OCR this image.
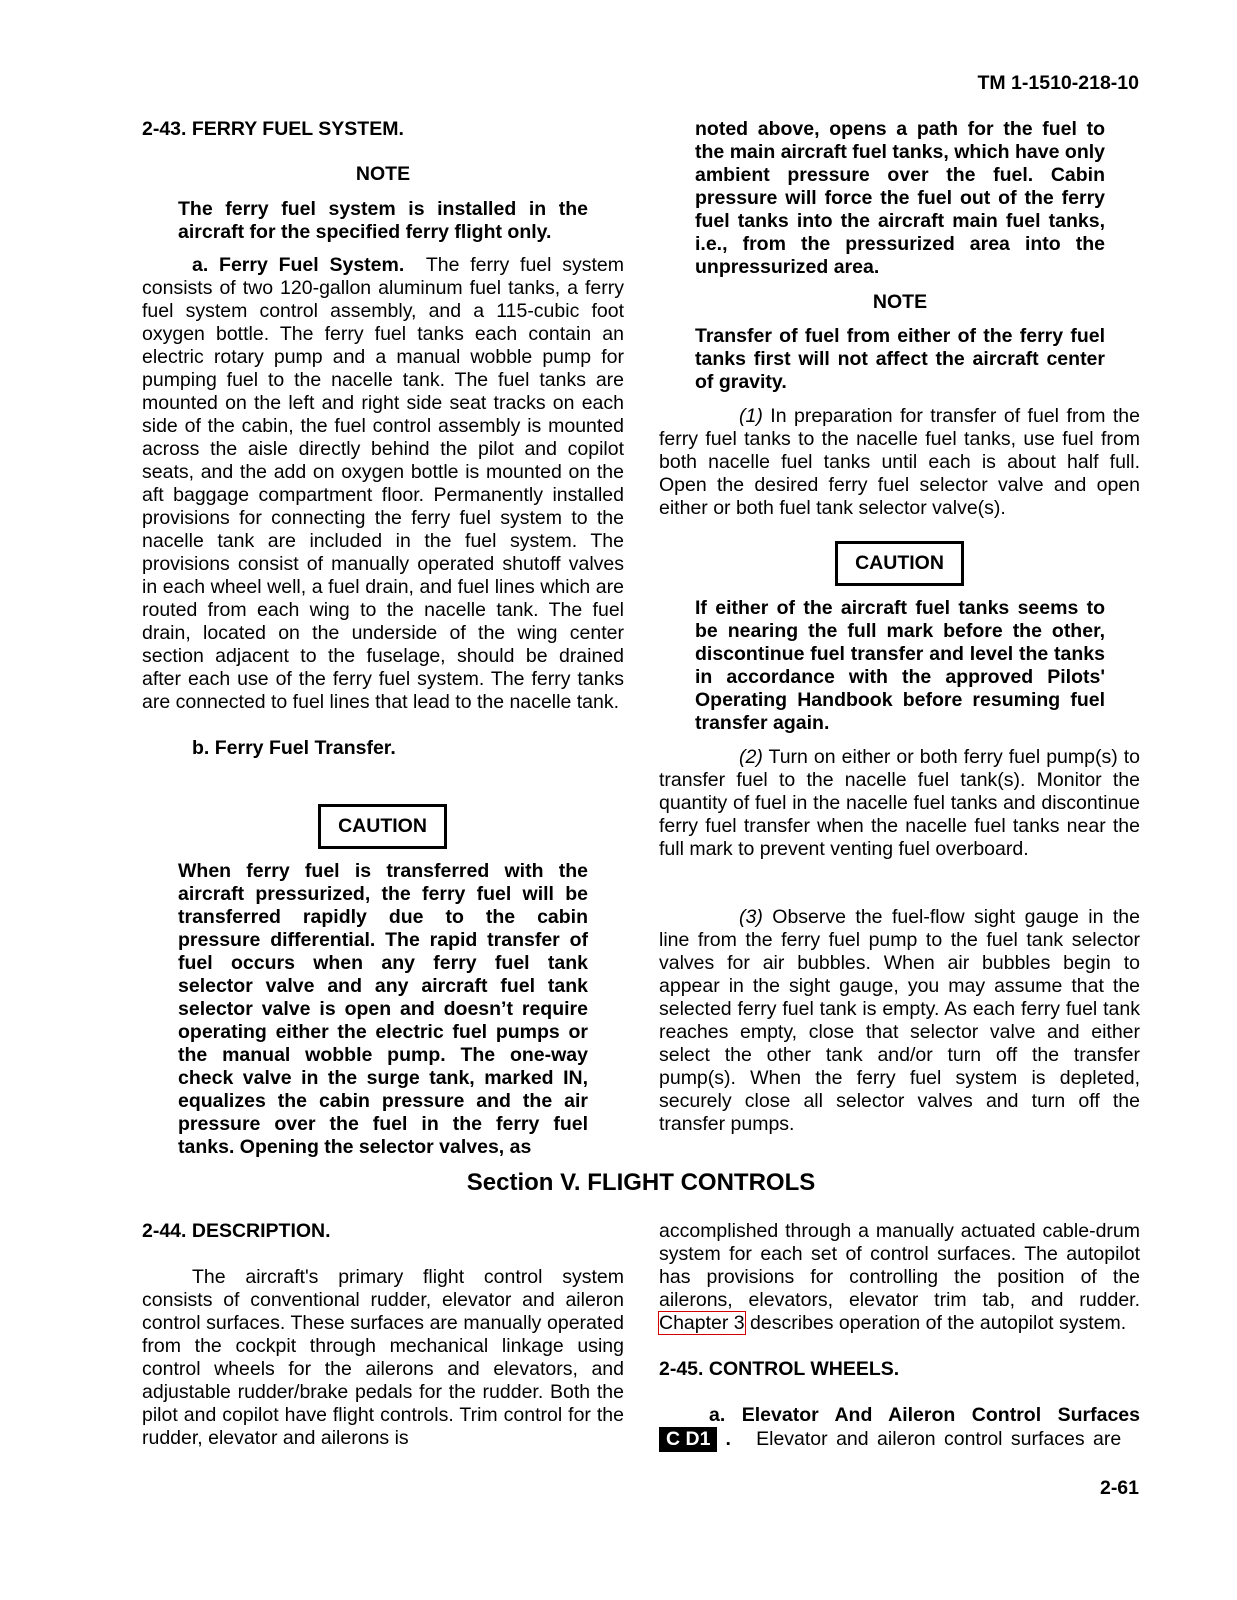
TM 1-1510-218-10

2-43. FERRY FUEL SYSTEM.

NOTE

The ferry fuel system is installed in the aircraft for the specified ferry flight only.

a. Ferry Fuel System. The ferry fuel system consists of two 120-gallon aluminum fuel tanks, a ferry fuel system control assembly, and a 115-cubic foot oxygen bottle. The ferry fuel tanks each contain an electric rotary pump and a manual wobble pump for pumping fuel to the nacelle tank. The fuel tanks are mounted on the left and right side seat tracks on each side of the cabin, the fuel control assembly is mounted across the aisle directly behind the pilot and copilot seats, and the add on oxygen bottle is mounted on the aft baggage compartment floor. Permanently installed provisions for connecting the ferry fuel system to the nacelle tank are included in the fuel system. The provisions consist of manually operated shutoff valves in each wheel well, a fuel drain, and fuel lines which are routed from each wing to the nacelle tank. The fuel drain, located on the underside of the wing center section adjacent to the fuselage, should be drained after each use of the ferry fuel system. The ferry tanks are connected to fuel lines that lead to the nacelle tank.

b. Ferry Fuel Transfer.

CAUTION

When ferry fuel is transferred with the aircraft pressurized, the ferry fuel will be transferred rapidly due to the cabin pressure differential. The rapid transfer of fuel occurs when any ferry fuel tank selector valve and any aircraft fuel tank selector valve is open and doesn’t require operating either the electric fuel pumps or the manual wobble pump. The one-way check valve in the surge tank, marked IN, equalizes the cabin pressure and the air pressure over the fuel in the ferry fuel tanks. Opening the selector valves, as

noted above, opens a path for the fuel to the main aircraft fuel tanks, which have only ambient pressure over the fuel. Cabin pressure will force the fuel out of the ferry fuel tanks into the aircraft main fuel tanks, i.e., from the pressurized area into the unpressurized area.

NOTE

Transfer of fuel from either of the ferry fuel tanks first will not affect the aircraft center of gravity.

(1) In preparation for transfer of fuel from the ferry fuel tanks to the nacelle fuel tanks, use fuel from both nacelle fuel tanks until each is about half full. Open the desired ferry fuel selector valve and open either or both fuel tank selector valve(s).

CAUTION

If either of the aircraft fuel tanks seems to be nearing the full mark before the other, discontinue fuel transfer and level the tanks in accordance with the approved Pilots' Operating Handbook before resuming fuel transfer again.

(2) Turn on either or both ferry fuel pump(s) to transfer fuel to the nacelle fuel tank(s). Monitor the quantity of fuel in the nacelle fuel tanks and discontinue ferry fuel transfer when the nacelle fuel tanks near the full mark to prevent venting fuel overboard.

(3) Observe the fuel-flow sight gauge in the line from the ferry fuel pump to the fuel tank selector valves for air bubbles. When air bubbles begin to appear in the sight gauge, you may assume that the selected ferry fuel tank is empty. As each ferry fuel tank reaches empty, close that selector valve and either select the other tank and/or turn off the transfer pump(s). When the ferry fuel system is depleted, securely close all selector valves and turn off the transfer pumps.

Section V. FLIGHT CONTROLS

2-44. DESCRIPTION.

The aircraft's primary flight control system consists of conventional rudder, elevator and aileron control surfaces. These surfaces are manually operated from the cockpit through mechanical linkage using control wheels for the ailerons and elevators, and adjustable rudder/brake pedals for the rudder. Both the pilot and copilot have flight controls. Trim control for the rudder, elevator and ailerons is

accomplished through a manually actuated cable-drum system for each set of control surfaces. The autopilot has provisions for controlling the position of the ailerons, elevators, elevator trim tab, and rudder. Chapter 3 describes operation of the autopilot system.

2-45. CONTROL WHEELS.

a. Elevator And Aileron Control Surfaces

C D1 .   Elevator and aileron control surfaces are

2-61
